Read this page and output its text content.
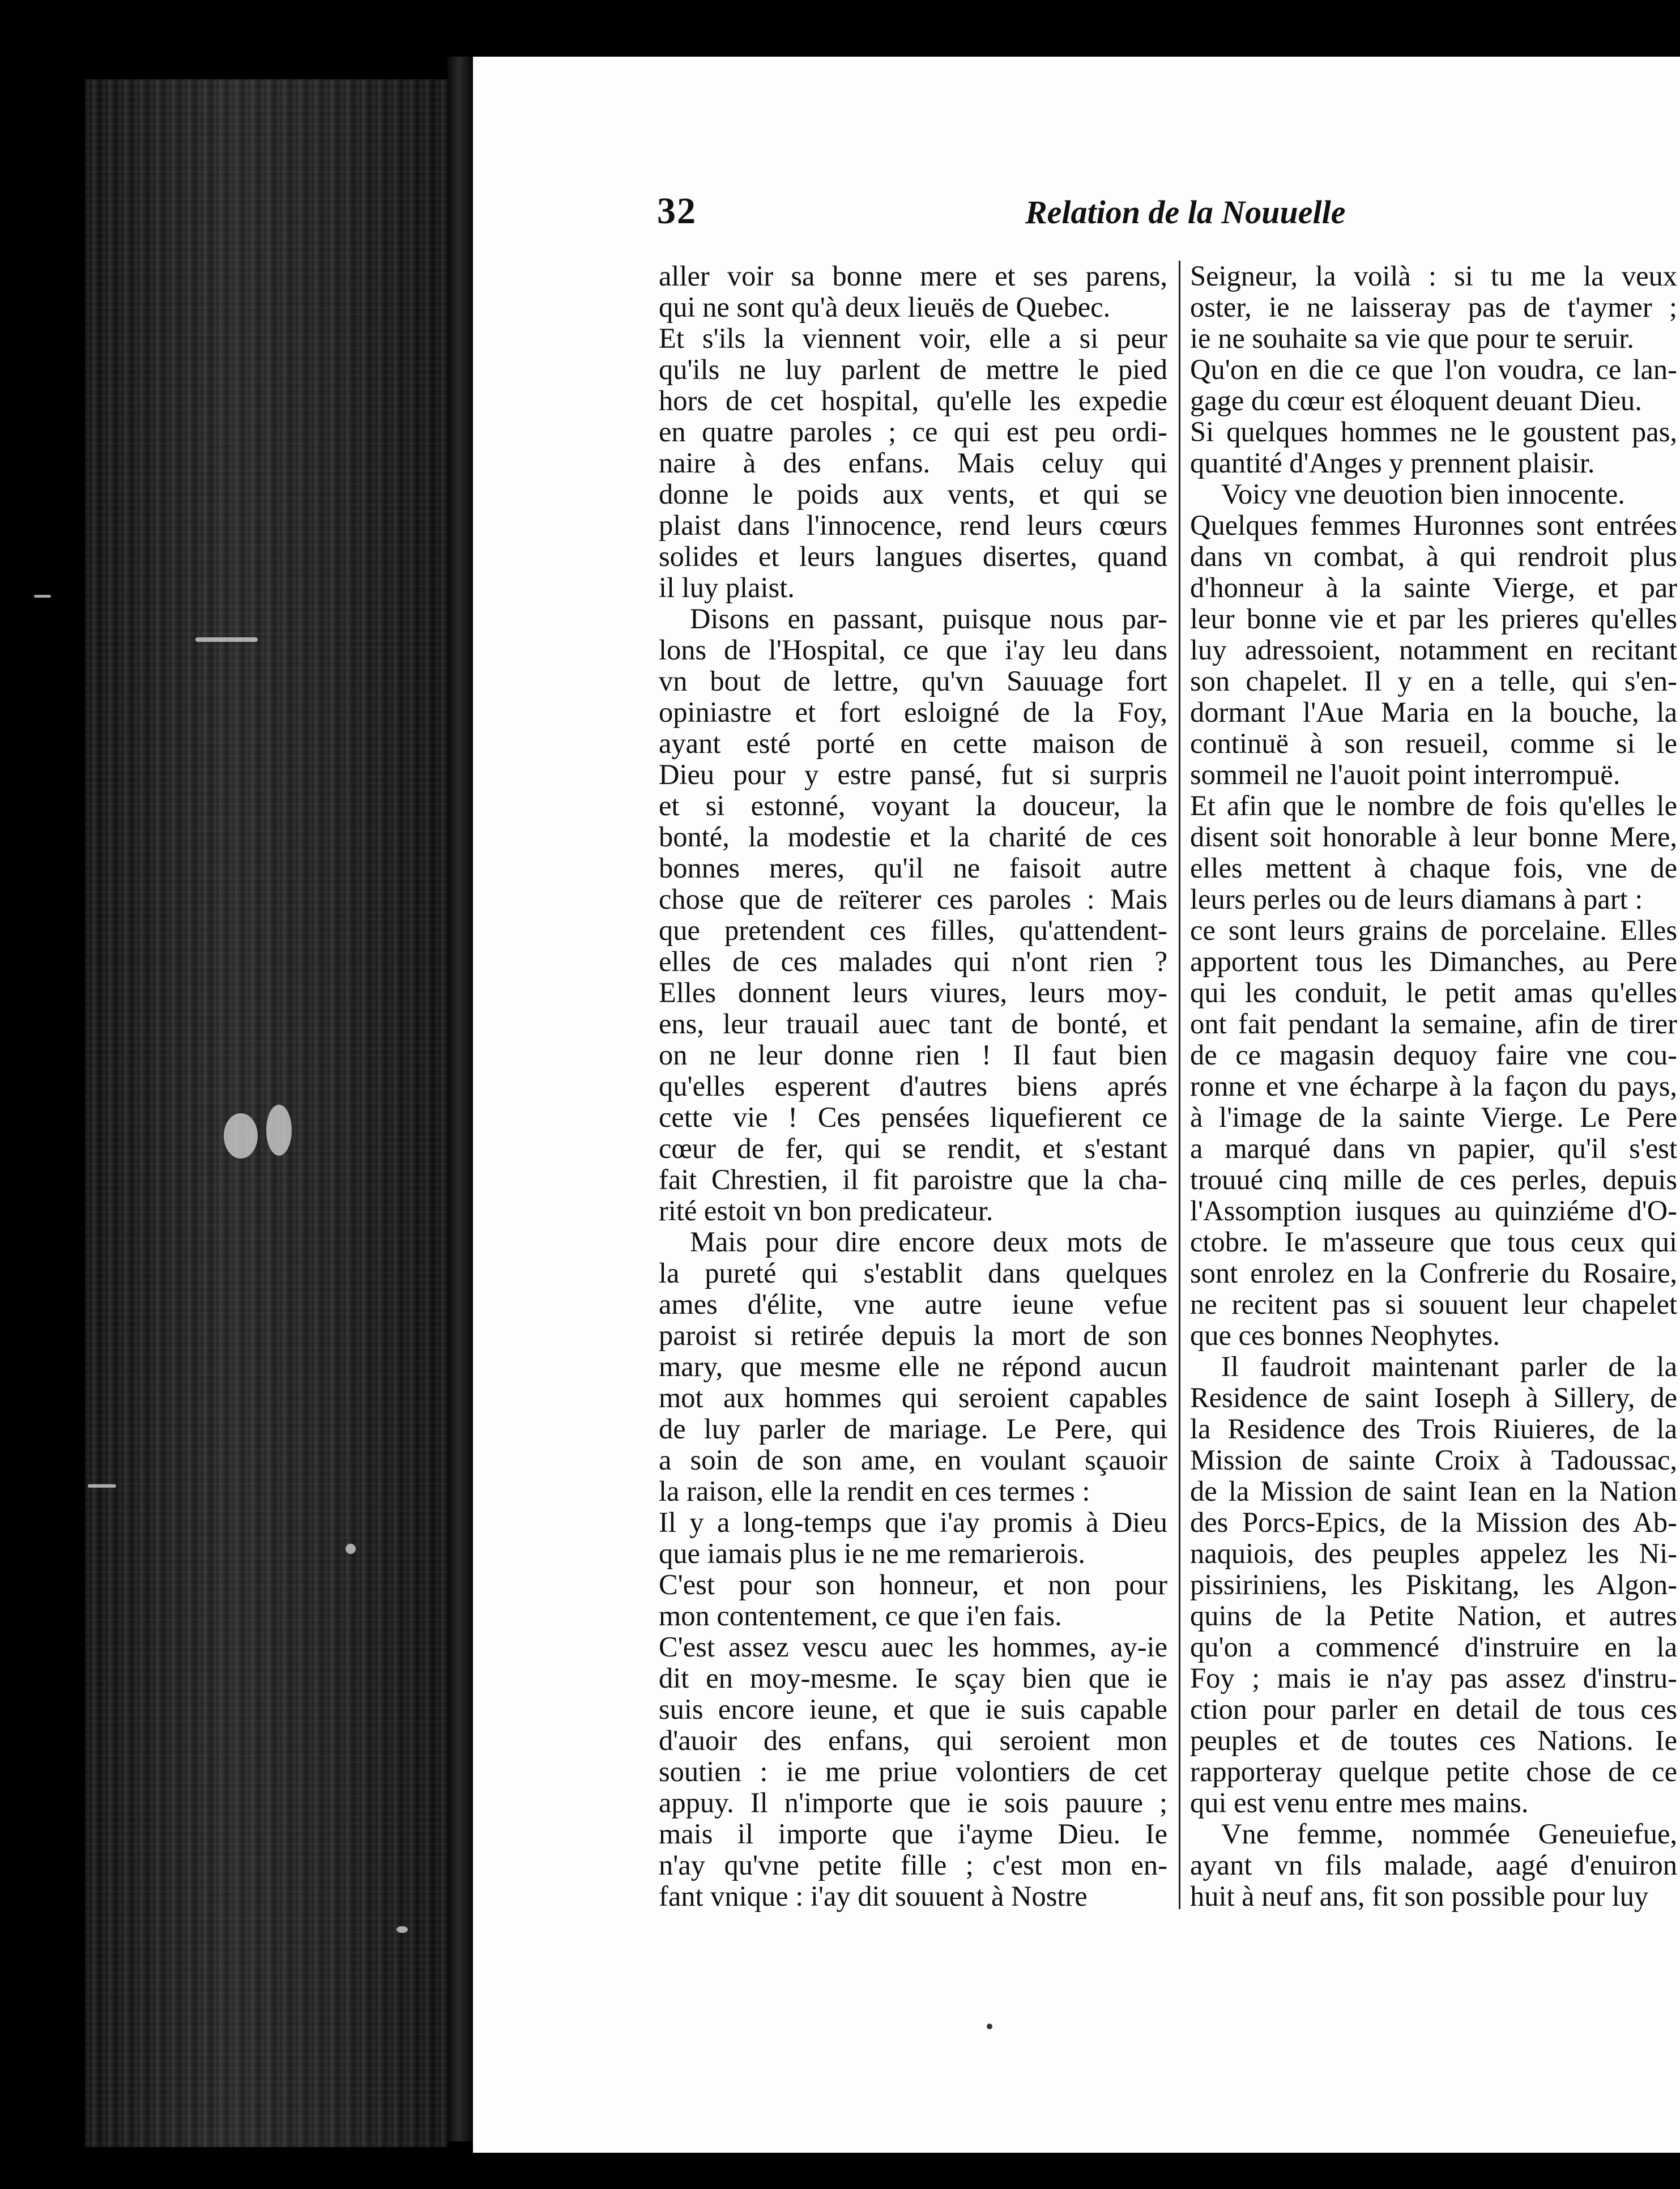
32	Relation de la Nouuelle
aller voir sa bonne mere et ses parens,
qui ne sont qu'à deux lieuës de Quebec.
Et s'ils la viennent voir, elle a si peur
qu'ils ne luy parlent de mettre le pied
hors de cet hospital, qu'elle les expedie
en quatre paroles ; ce qui est peu ordi-
naire à des enfans. Mais celuy qui
donne le poids aux vents, et qui se
plaist dans l'innocence, rend leurs cœurs
solides et leurs langues disertes, quand
il luy plaist.
Disons en passant, puisque nous par-
lons de l'Hospital, ce que i'ay leu dans
vn bout de lettre, qu'vn Sauuage fort
opiniastre et fort esloigné de la Foy,
ayant esté porté en cette maison de
Dieu pour y estre pansé, fut si surpris
et si estonné, voyant la douceur, la
bonté, la modestie et la charité de ces
bonnes meres, qu'il ne faisoit autre
chose que de reïterer ces paroles : Mais
que pretendent ces filles, qu'attendent-
elles de ces malades qui n'ont rien ?
Elles donnent leurs viures, leurs moy-
ens, leur trauail auec tant de bonté, et
on ne leur donne rien ! Il faut bien
qu'elles esperent d'autres biens aprés
cette vie ! Ces pensées liquefierent ce
cœur de fer, qui se rendit, et s'estant
fait Chrestien, il fit paroistre que la cha-
rité estoit vn bon predicateur.
Mais pour dire encore deux mots de
la pureté qui s'establit dans quelques
ames d'élite, vne autre ieune vefue
paroist si retirée depuis la mort de son
mary, que mesme elle ne répond aucun
mot aux hommes qui seroient capables
de luy parler de mariage. Le Pere, qui
a soin de son ame, en voulant sçauoir
la raison, elle la rendit en ces termes :
Il y a long-temps que i'ay promis à Dieu
que iamais plus ie ne me remarierois.
C'est pour son honneur, et non pour
mon contentement, ce que i'en fais.
C'est assez vescu auec les hommes, ay-ie
dit en moy-mesme. Ie sçay bien que ie
suis encore ieune, et que ie suis capable
d'auoir des enfans, qui seroient mon
soutien : ie me priue volontiers de cet
appuy. Il n'importe que ie sois pauure ;
mais il importe que i'ayme Dieu. Ie
n'ay qu'vne petite fille ; c'est mon en-
fant vnique : i'ay dit souuent à Nostre
Seigneur, la voilà : si tu me la veux
oster, ie ne laisseray pas de t'aymer ;
ie ne souhaite sa vie que pour te seruir.
Qu'on en die ce que l'on voudra, ce lan-
gage du cœur est éloquent deuant Dieu.
Si quelques hommes ne le goustent pas,
quantité d'Anges y prennent plaisir.
Voicy vne deuotion bien innocente.
Quelques femmes Huronnes sont entrées
dans vn combat, à qui rendroit plus
d'honneur à la sainte Vierge, et par
leur bonne vie et par les prieres qu'elles
luy adressoient, notamment en recitant
son chapelet. Il y en a telle, qui s'en-
dormant l'Aue Maria en la bouche, la
continuë à son resueil, comme si le
sommeil ne l'auoit point interrompuë.
Et afin que le nombre de fois qu'elles le
disent soit honorable à leur bonne Mere,
elles mettent à chaque fois, vne de
leurs perles ou de leurs diamans à part :
ce sont leurs grains de porcelaine. Elles
apportent tous les Dimanches, au Pere
qui les conduit, le petit amas qu'elles
ont fait pendant la semaine, afin de tirer
de ce magasin dequoy faire vne cou-
ronne et vne écharpe à la façon du pays,
à l'image de la sainte Vierge. Le Pere
a marqué dans vn papier, qu'il s'est
trouué cinq mille de ces perles, depuis
l'Assomption iusques au quinziéme d'O-
ctobre. Ie m'asseure que tous ceux qui
sont enrolez en la Confrerie du Rosaire,
ne recitent pas si souuent leur chapelet
que ces bonnes Neophytes.
Il faudroit maintenant parler de la
Residence de saint Ioseph à Sillery, de
la Residence des Trois Riuieres, de la
Mission de sainte Croix à Tadoussac,
de la Mission de saint Iean en la Nation
des Porcs-Epics, de la Mission des Ab-
naquiois, des peuples appelez les Ni-
pissiriniens, les Piskitang, les Algon-
quins de la Petite Nation, et autres
qu'on a commencé d'instruire en la
Foy ; mais ie n'ay pas assez d'instru-
ction pour parler en detail de tous ces
peuples et de toutes ces Nations. Ie
rapporteray quelque petite chose de ce
qui est venu entre mes mains.
Vne femme, nommée Geneuiefue,
ayant vn fils malade, aagé d'enuiron
huit à neuf ans, fit son possible pour luy
